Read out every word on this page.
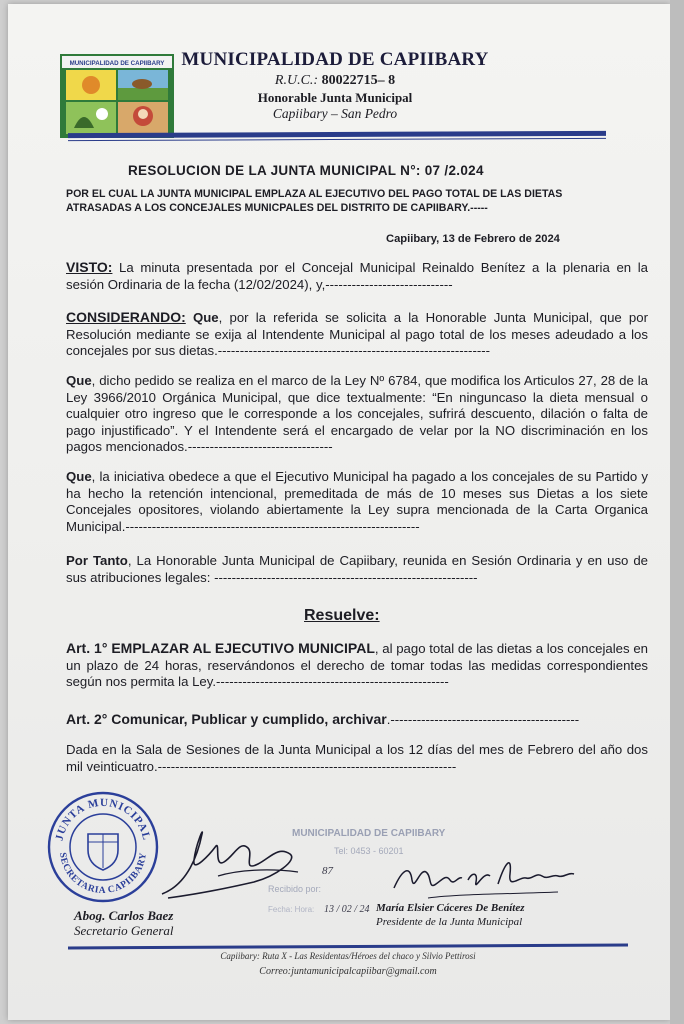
MUNICIPALIDAD DE CAPIIBARY MUNICIPALIDAD DE CAPIIBARY
R.U.C.: 80022715– 8
Honorable Junta Municipal
Capiibary – San Pedro
RESOLUCION DE LA JUNTA MUNICIPAL N°: 07 /2.024
POR EL CUAL LA JUNTA MUNICIPAL EMPLAZA AL EJECUTIVO DEL PAGO TOTAL DE LAS DIETAS ATRASADAS A LOS CONCEJALES MUNICPALES DEL DISTRITO DE CAPIIBARY.-----
Capiibary, 13 de Febrero de 2024
VISTO: La minuta presentada por el Concejal Municipal Reinaldo Benítez a la plenaria en la sesión Ordinaria de la fecha (12/02/2024), y,-----------------------------
CONSIDERANDO: Que, por la referida se solicita a la Honorable Junta Municipal, que por Resolución mediante se exija al Intendente Municipal al pago total de los meses adeudado a los concejales por sus dietas.--------------------------------------------------------------
Que, dicho pedido se realiza en el marco de la Ley Nº 6784, que modifica los Articulos 27, 28 de la Ley 3966/2010 Orgánica Municipal, que dice textualmente: “En ninguncaso la dieta mensual o cualquier otro ingreso que le corresponde a los concejales, sufrirá descuento, dilación o falta de pago injustificado”. Y el Intendente será el encargado de velar por la NO discriminación en los pagos mencionados.---------------------------------
Que, la iniciativa obedece a que el Ejecutivo Municipal ha pagado a los concejales de su Partido y ha hecho la retención intencional, premeditada de más de 10 meses sus Dietas a los siete Concejales opositores, violando abiertamente la Ley supra mencionada de la Carta Organica Municipal.-------------------------------------------------------------------
Por Tanto, La Honorable Junta Municipal de Capiibary, reunida en Sesión Ordinaria y en uso de sus atribuciones legales: ------------------------------------------------------------
Resuelve:
Art. 1° EMPLAZAR AL EJECUTIVO MUNICIPAL, al pago total de las dietas a los concejales en un plazo de 24 horas, reservándonos el derecho de tomar todas las medidas correspondientes según nos permita la Ley.-----------------------------------------------------
Art. 2° Comunicar, Publicar y cumplido, archivar.-------------------------------------------
Dada en la Sala de Sesiones de la Junta Municipal a los 12 días del mes de Febrero del año dos mil veinticuatro.--------------------------------------------------------------------
JUNTA MUNICIPAL
SECRETARIA CAPIIBARY
MUNICIPALIDAD DE CAPIIBARY
Tel: 0453 - 60201
87
Recibido por:
13 / 02 / 24
Fecha: Hora:
Abog. Carlos Baez
Secretario General
María Elsier Cáceres De Benítez
Presidente de la Junta Municipal
Capiibary: Ruta X - Las Residentas/Héroes del chaco y Silvio Pettirosi
Correo:juntamunicipalcapiibar@gmail.com
